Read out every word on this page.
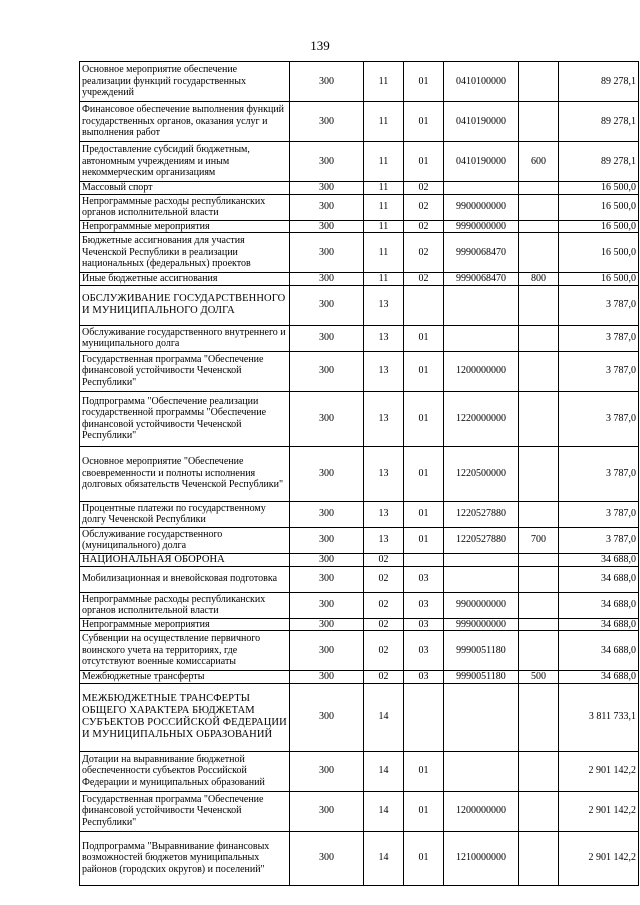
139
Основное мероприятие обеспечение реализации функций государственных учреждений	300	11	01	0410100000		89 278,1
Финансовое обеспечение выполнения функций государственных органов, оказания услуг и выполнения работ	300	11	01	0410190000		89 278,1
Предоставление субсидий бюджетным, автономным учреждениям и иным некоммерческим организациям	300	11	01	0410190000	600	89 278,1
Массовый спорт	300	11	02			16 500,0
Непрограммные расходы республиканских органов исполнительной власти	300	11	02	9900000000		16 500,0
Непрограммные мероприятия	300	11	02	9990000000		16 500,0
Бюджетные ассигнования для участия Чеченской Республики в реализации национальных (федеральных) проектов	300	11	02	9990068470		16 500,0
Иные бюджетные ассигнования	300	11	02	9990068470	800	16 500,0
ОБСЛУЖИВАНИЕ ГОСУДАРСТВЕННОГО И МУНИЦИПАЛЬНОГО ДОЛГА	300	13				3 787,0
Обслуживание государственного внутреннего и муниципального долга	300	13	01			3 787,0
Государственная программа "Обеспечение финансовой устойчивости Чеченской Республики"	300	13	01	1200000000		3 787,0
Подпрограмма "Обеспечение реализации государственной программы "Обеспечение финансовой устойчивости Чеченской Республики"	300	13	01	1220000000		3 787,0
Основное мероприятие "Обеспечение своевременности и полноты исполнения долговых обязательств Чеченской Республики"	300	13	01	1220500000		3 787,0
Процентные платежи по государственному долгу Чеченской Республики	300	13	01	1220527880		3 787,0
Обслуживание государственного (муниципального) долга	300	13	01	1220527880	700	3 787,0
НАЦИОНАЛЬНАЯ ОБОРОНА	300	02				34 688,0
Мобилизационная и вневойсковая подготовка	300	02	03			34 688,0
Непрограммные расходы республиканских органов исполнительной власти	300	02	03	9900000000		34 688,0
Непрограммные мероприятия	300	02	03	9990000000		34 688,0
Субвенции на осуществление первичного воинского учета на территориях, где отсутствуют военные комиссариаты	300	02	03	9990051180		34 688,0
Межбюджетные трансферты	300	02	03	9990051180	500	34 688,0
МЕЖБЮДЖЕТНЫЕ ТРАНСФЕРТЫ ОБЩЕГО ХАРАКТЕРА БЮДЖЕТАМ СУБЪЕКТОВ РОССИЙСКОЙ ФЕДЕРАЦИИ И МУНИЦИПАЛЬНЫХ ОБРАЗОВАНИЙ	300	14				3 811 733,1
Дотации на выравнивание бюджетной обеспеченности субъектов Российской Федерации и муниципальных образований	300	14	01			2 901 142,2
Государственная программа "Обеспечение финансовой устойчивости Чеченской Республики"	300	14	01	1200000000		2 901 142,2
Подпрограмма "Выравнивание финансовых возможностей бюджетов муниципальных районов (городских округов) и поселений"	300	14	01	1210000000		2 901 142,2
